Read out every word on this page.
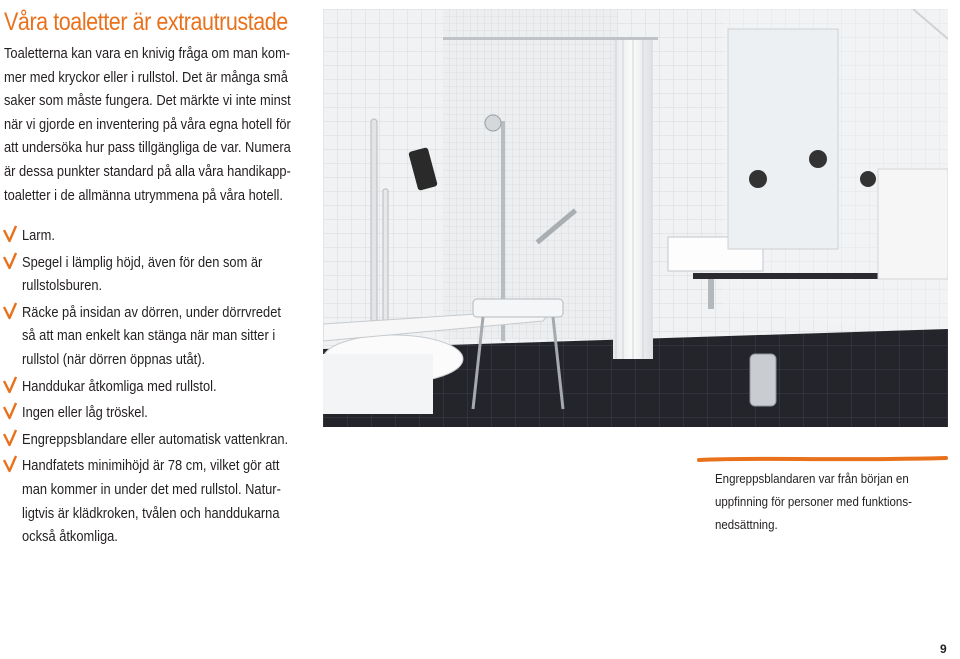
Våra toaletter är extrautrustade
Toaletterna kan vara en knivig fråga om man kom-
mer med kryckor eller i rullstol. Det är många små
saker som måste fungera. Det märkte vi inte minst
när vi gjorde en inventering på våra egna hotell för
att undersöka hur pass tillgängliga de var. Numera
är dessa punkter standard på alla våra handikapp-
toaletter i de allmänna utrymmena på våra hotell.
Larm.
Spegel i lämplig höjd, även för den som är
rullstolsburen.
Räcke på insidan av dörren, under dörrvredet
så att man enkelt kan stänga när man sitter i
rullstol (när dörren öppnas utåt).
Handdukar åtkomliga med rullstol.
Ingen eller låg tröskel.
Engreppsblandare eller automatisk vattenkran.
Handfatets minimihöjd är 78 cm, vilket gör att
man kommer in under det med rullstol. Natur-
ligtvis är klädkroken, tvålen och handdukarna
också åtkomliga.
Engreppsblandaren var från början en
uppfinning för personer med funktions-
nedsättning.
9
